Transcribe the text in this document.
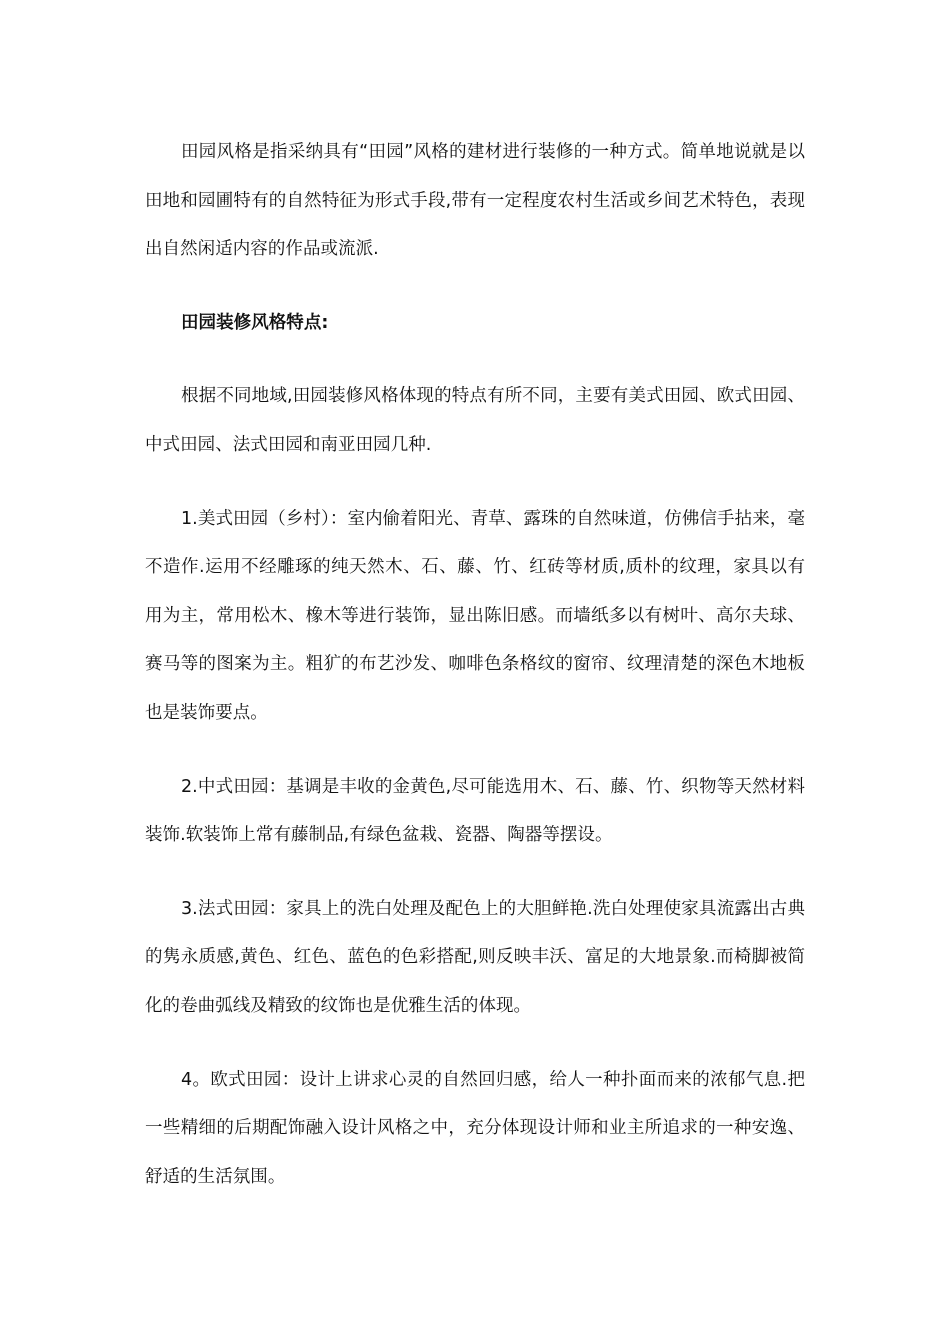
田园风格是指采纳具有“田园”风格的建材进行装修的一种方式。简单地说就是以田地和园圃特有的自然特征为形式手段,带有一定程度农村生活或乡间艺术特色，表现出自然闲适内容的作品或流派.

田园装修风格特点:

根据不同地域,田园装修风格体现的特点有所不同，主要有美式田园、欧式田园、中式田园、法式田园和南亚田园几种.

1.美式田园（乡村）：室内偷着阳光、青草、露珠的自然味道，仿佛信手拈来，毫不造作.运用不经雕琢的纯天然木、石、藤、竹、红砖等材质,质朴的纹理，家具以有用为主，常用松木、橡木等进行装饰，显出陈旧感。而墙纸多以有树叶、高尔夫球、赛马等的图案为主。粗犷的布艺沙发、咖啡色条格纹的窗帘、纹理清楚的深色木地板也是装饰要点。

2.中式田园：基调是丰收的金黄色,尽可能选用木、石、藤、竹、织物等天然材料装饰.软装饰上常有藤制品,有绿色盆栽、瓷器、陶器等摆设。

3.法式田园：家具上的洗白处理及配色上的大胆鲜艳.洗白处理使家具流露出古典的隽永质感,黄色、红色、蓝色的色彩搭配,则反映丰沃、富足的大地景象.而椅脚被简化的卷曲弧线及精致的纹饰也是优雅生活的体现。

4。欧式田园：设计上讲求心灵的自然回归感，给人一种扑面而来的浓郁气息.把一些精细的后期配饰融入设计风格之中，充分体现设计师和业主所追求的一种安逸、舒适的生活氛围。
